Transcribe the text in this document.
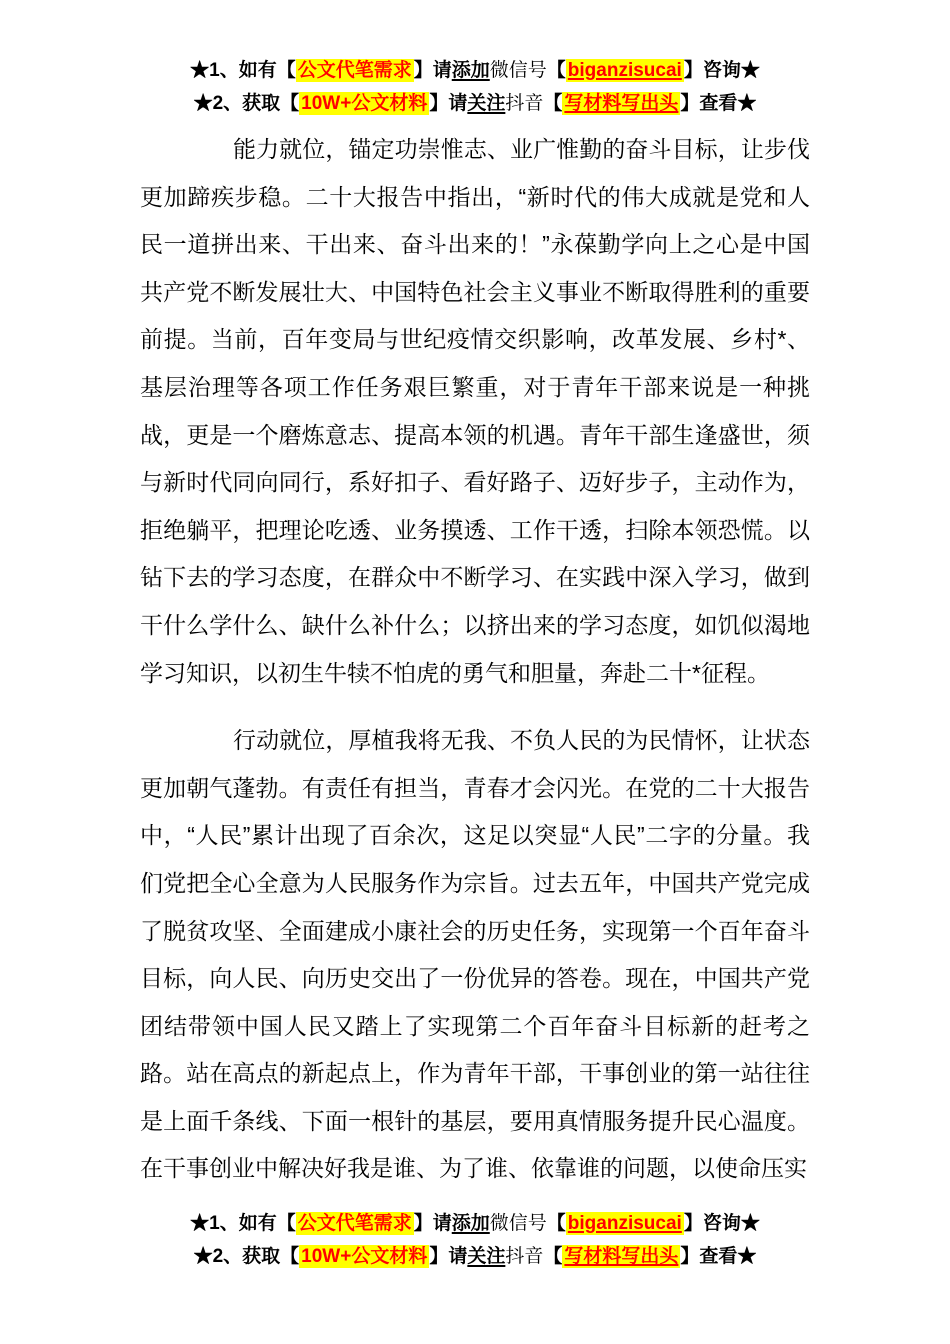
★1、如有【 公文代笔需求 】请添加微信号【 biganzisucai 】咨询★
★2、获取【 10W+公文材料 】请关注抖音【 写材料写出头 】查看★

能力就位，锚定功崇惟志、业广惟勤的奋斗目标，让步伐更加蹄疾步稳。二十大报告中指出，“新时代的伟大成就是党和人民一道拼出来、干出来、奋斗出来的！”永葆勤学向上之心是中国共产党不断发展壮大、中国特色社会主义事业不断取得胜利的重要前提。当前，百年变局与世纪疫情交织影响，改革发展、乡村*、基层治理等各项工作任务艰巨繁重，对于青年干部来说是一种挑战，更是一个磨炼意志、提高本领的机遇。青年干部生逢盛世，须与新时代同向同行，系好扣子、看好路子、迈好步子，主动作为，拒绝躺平，把理论吃透、业务摸透、工作干透，扫除本领恐慌。以钻下去的学习态度，在群众中不断学习、在实践中深入学习，做到干什么学什么、缺什么补什么；以挤出来的学习态度，如饥似渴地学习知识，以初生牛犊不怕虎的勇气和胆量，奔赴二十*征程。

行动就位，厚植我将无我、不负人民的为民情怀，让状态更加朝气蓬勃。有责任有担当，青春才会闪光。在党的二十大报告中，“人民”累计出现了百余次，这足以突显“人民”二字的分量。我们党把全心全意为人民服务作为宗旨。过去五年，中国共产党完成了脱贫攻坚、全面建成小康社会的历史任务，实现第一个百年奋斗目标，向人民、向历史交出了一份优异的答卷。现在，中国共产党团结带领中国人民又踏上了实现第二个百年奋斗目标新的赶考之路。站在高点的新起点上，作为青年干部，干事创业的第一站往往是上面千条线、下面一根针的基层，要用真情服务提升民心温度。在干事创业中解决好我是谁、为了谁、依靠谁的问题，以使命压实

★1、如有【 公文代笔需求 】请添加微信号【 biganzisucai 】咨询★
★2、获取【 10W+公文材料 】请关注抖音【 写材料写出头 】查看★
